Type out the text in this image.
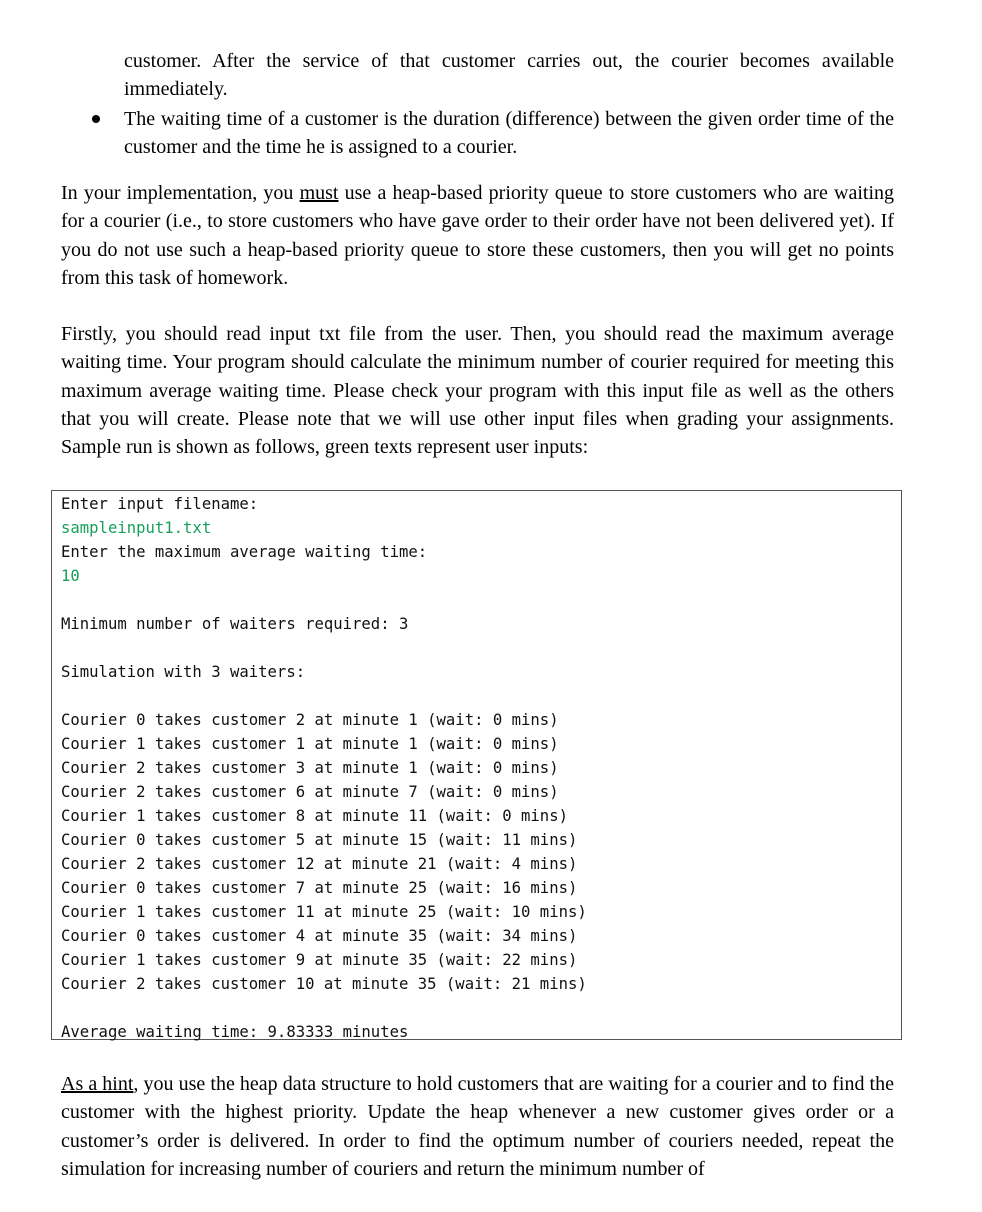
customer. After the service of that customer carries out, the courier becomes available immediately.
The waiting time of a customer is the duration (difference) between the given order time of the customer and the time he is assigned to a courier.
In your implementation, you must use a heap-based priority queue to store customers who are waiting for a courier (i.e., to store customers who have gave order to their order have not been delivered yet). If you do not use such a heap-based priority queue to store these customers, then you will get no points from this task of homework.
Firstly, you should read input txt file from the user. Then, you should read the maximum average waiting time. Your program should calculate the minimum number of courier required for meeting this maximum average waiting time. Please check your program with this input file as well as the others that you will create. Please note that we will use other input files when grading your assignments. Sample run is shown as follows, green texts represent user inputs:
Enter input filename:
sampleinput1.txt
Enter the maximum average waiting time:
10
Minimum number of waiters required: 3
Simulation with 3 waiters:
Courier 0 takes customer 2 at minute 1 (wait: 0 mins)
Courier 1 takes customer 1 at minute 1 (wait: 0 mins)
Courier 2 takes customer 3 at minute 1 (wait: 0 mins)
Courier 2 takes customer 6 at minute 7 (wait: 0 mins)
Courier 1 takes customer 8 at minute 11 (wait: 0 mins)
Courier 0 takes customer 5 at minute 15 (wait: 11 mins)
Courier 2 takes customer 12 at minute 21 (wait: 4 mins)
Courier 0 takes customer 7 at minute 25 (wait: 16 mins)
Courier 1 takes customer 11 at minute 25 (wait: 10 mins)
Courier 0 takes customer 4 at minute 35 (wait: 34 mins)
Courier 1 takes customer 9 at minute 35 (wait: 22 mins)
Courier 2 takes customer 10 at minute 35 (wait: 21 mins)
Average waiting time: 9.83333 minutes
As a hint, you use the heap data structure to hold customers that are waiting for a courier and to find the customer with the highest priority. Update the heap whenever a new customer gives order or a customer’s order is delivered. In order to find the optimum number of couriers needed, repeat the simulation for increasing number of couriers and return the minimum number of
